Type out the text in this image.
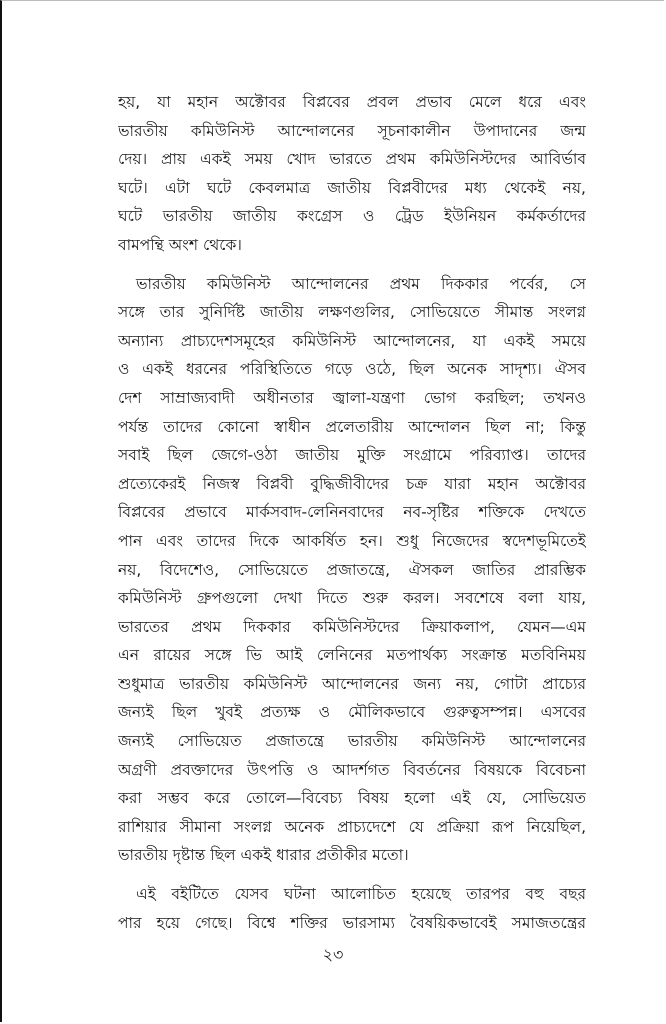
হয়, যা মহান অক্টোবর বিপ্লবের প্রবল প্রভাব মেলে ধরে এবং
ভারতীয় কমিউনিস্ট আন্দোলনের সূচনাকালীন উপাদানের জন্ম
দেয়। প্রায় একই সময় খোদ ভারতে প্রথম কমিউনিস্টদের আবির্ভাব
ঘটে। এটা ঘটে কেবলমাত্র জাতীয় বিপ্লবীদের মধ্য থেকেই নয়,
ঘটে ভারতীয় জাতীয় কংগ্রেস ও ট্রেড ইউনিয়ন কর্মকর্তাদের
বামপন্থি অংশ থেকে।

ভারতীয় কমিউনিস্ট আন্দোলনের প্রথম দিককার পর্বের, সে
সঙ্গে তার সুনির্দিষ্ট জাতীয় লক্ষণগুলির, সোভিয়েতে সীমান্ত সংলগ্ন
অন্যান্য প্রাচ্যদেশসমূহের কমিউনিস্ট আন্দোলনের, যা একই সময়ে
ও একই ধরনের পরিস্থিতিতে গড়ে ওঠে, ছিল অনেক সাদৃশ্য। ঐসব
দেশ সাম্রাজ্যবাদী অধীনতার জ্বালা-যন্ত্রণা ভোগ করছিল; তখনও
পর্যন্ত তাদের কোনো স্বাধীন প্রলেতারীয় আন্দোলন ছিল না; কিন্তু
সবাই ছিল জেগে-ওঠা জাতীয় মুক্তি সংগ্রামে পরিব্যাপ্ত। তাদের
প্রত্যেকেরই নিজস্ব বিপ্লবী বুদ্ধিজীবীদের চক্র যারা মহান অক্টোবর
বিপ্লবের প্রভাবে মার্কসবাদ-লেনিনবাদের নব-সৃষ্টির শক্তিকে দেখতে
পান এবং তাদের দিকে আকর্ষিত হন। শুধু নিজেদের স্বদেশভূমিতেই
নয়, বিদেশেও, সোভিয়েতে প্রজাতন্ত্রে, ঐসকল জাতির প্রারম্ভিক
কমিউনিস্ট গ্রুপগুলো দেখা দিতে শুরু করল। সবশেষে বলা যায়,
ভারতের প্রথম দিককার কমিউনিস্টদের ক্রিয়াকলাপ, যেমন—এম
এন রায়ের সঙ্গে ভি আই লেনিনের মতপার্থক্য সংক্রান্ত মতবিনিময়
শুধুমাত্র ভারতীয় কমিউনিস্ট আন্দোলনের জন্য নয়, গোটা প্রাচ্যের
জন্যই ছিল খুবই প্রত্যক্ষ ও মৌলিকভাবে গুরুত্বসম্পন্ন। এসবের
জন্যই সোভিয়েত প্রজাতন্ত্রে ভারতীয় কমিউনিস্ট আন্দোলনের
অগ্রণী প্রবক্তাদের উৎপত্তি ও আদর্শগত বিবর্তনের বিষয়কে বিবেচনা
করা সম্ভব করে তোলে—বিবেচ্য বিষয় হলো এই যে, সোভিয়েত
রাশিয়ার সীমানা সংলগ্ন অনেক প্রাচ্যদেশে যে প্রক্রিয়া রূপ নিয়েছিল,
ভারতীয় দৃষ্টান্ত ছিল একই ধারার প্রতীকীর মতো।

এই বইটিতে যেসব ঘটনা আলোচিত হয়েছে তারপর বহু বছর
পার হয়ে গেছে। বিশ্বে শক্তির ভারসাম্য বৈষয়িকভাবেই সমাজতন্ত্রের

২৩
